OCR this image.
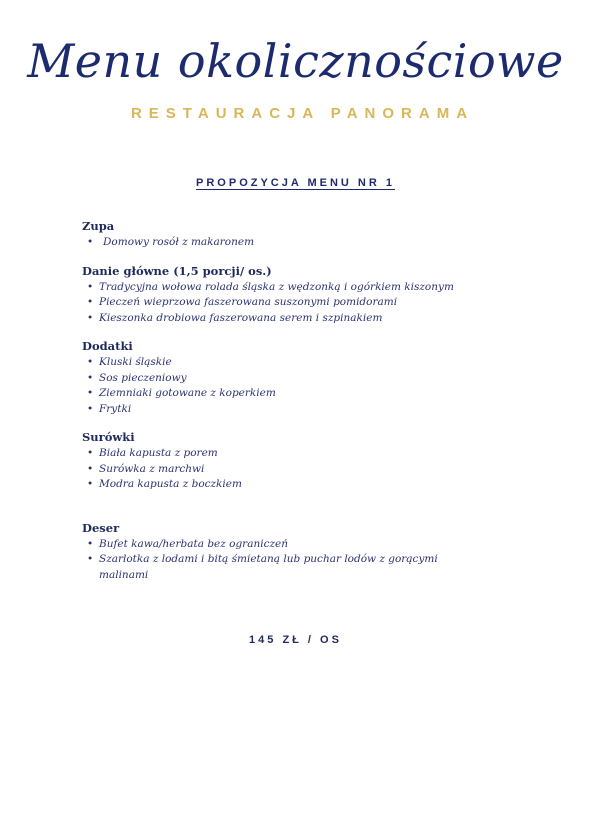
Menu okolicznościowe
RESTAURACJA PANORAMA
PROPOZYCJA MENU NR 1
Zupa
• Domowy rosół z makaronem
Danie główne (1,5 porcji/ os.)
• Tradycyjna wołowa rolada śląska z wędzonką i ogórkiem kiszonym
• Pieczeń wieprzowa faszerowana suszonymi pomidorami
• Kieszonka drobiowa faszerowana serem i szpinakiem
Dodatki
• Kluski śląskie
• Sos pieczeniowy
• Ziemniaki gotowane z koperkiem
• Frytki
Surówki
• Biała kapusta z porem
• Surówka z marchwi
• Modra kapusta z boczkiem
Deser
• Bufet kawa/herbata bez ograniczeń
• Szarlotka z lodami i bitą śmietaną lub puchar lodów z gorącymi malinami
145 ZŁ / OS
